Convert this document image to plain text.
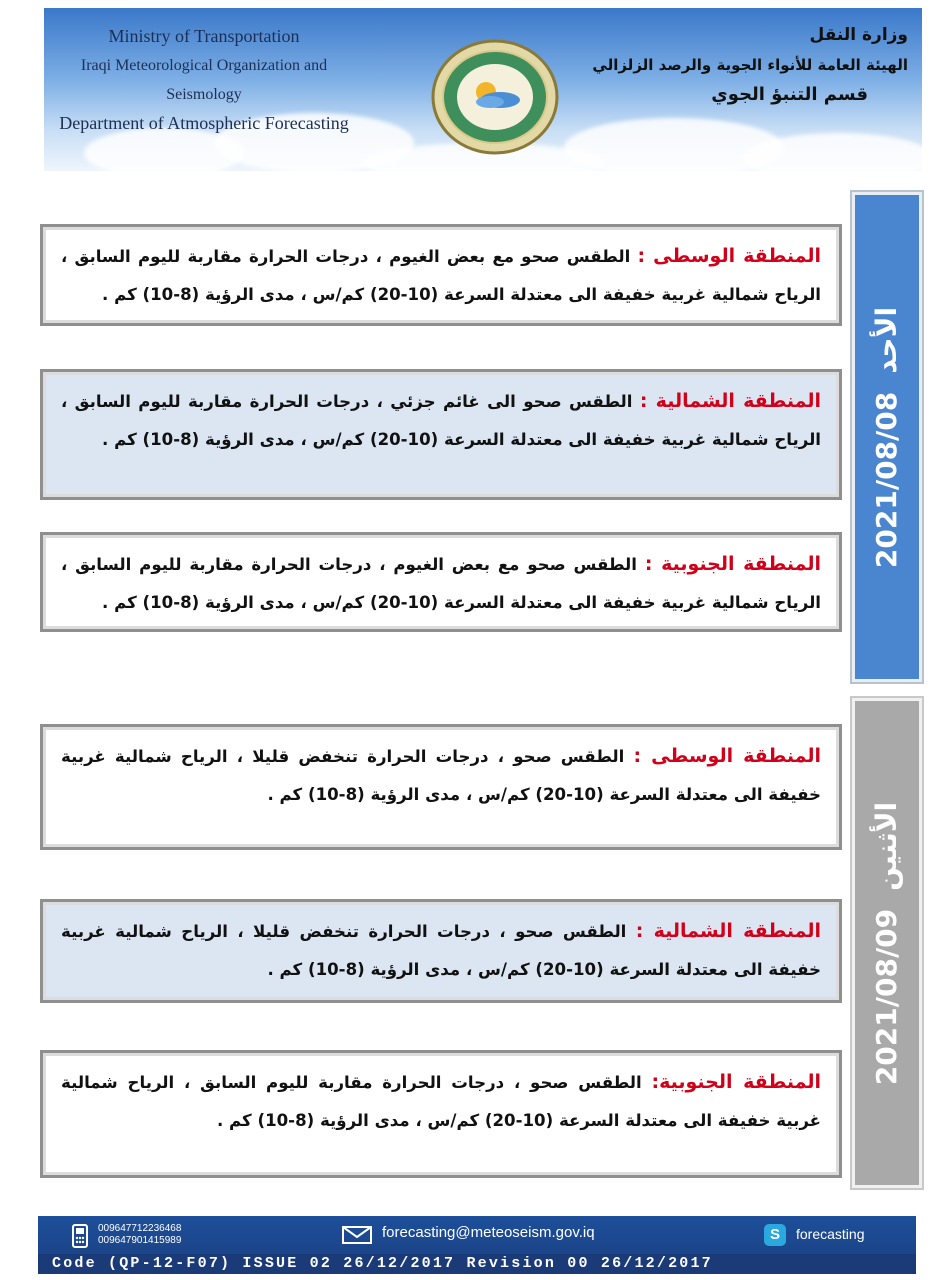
Ministry of Transportation
Iraqi Meteorological Organization and Seismology
Department of Atmospheric Forecasting
وزارة النقل
الهيئة العامة للأنواء الجوية والرصد الزلزالي
قسم التنبؤ الجوي
الأحد
2021/08/08
الأثنين
2021/08/09
المنطقة الوسطى : الطقس صحو مع بعض الغيوم ، درجات الحرارة مقاربة لليوم السابق ، الرياح شمالية غربية خفيفة الى معتدلة السرعة (10-20) كم/س ، مدى الرؤية (8-10) كم .
المنطقة الشمالية : الطقس صحو الى غائم جزئي ، درجات الحرارة مقاربة لليوم السابق ، الرياح شمالية غربية خفيفة الى معتدلة السرعة (10-20) كم/س ، مدى الرؤية (8-10) كم .
المنطقة الجنوبية : الطقس صحو مع بعض الغيوم ، درجات الحرارة مقاربة لليوم السابق ، الرياح شمالية غربية خفيفة الى معتدلة السرعة (10-20) كم/س ، مدى الرؤية (8-10) كم .
المنطقة الوسطى : الطقس صحو ، درجات الحرارة تنخفض قليلا ، الرياح شمالية غربية خفيفة الى معتدلة السرعة (10-20) كم/س ، مدى الرؤية (8-10) كم .
المنطقة الشمالية : الطقس صحو ، درجات الحرارة تنخفض قليلا ، الرياح شمالية غربية خفيفة الى معتدلة السرعة (10-20) كم/س ، مدى الرؤية (8-10) كم .
المنطقة الجنوبية: الطقس صحو ، درجات الحرارة مقاربة لليوم السابق ، الرياح شمالية غربية خفيفة الى معتدلة السرعة (10-20) كم/س ، مدى الرؤية (8-10) كم .
009647712236468
009647901415989	forecasting@meteoseism.gov.iq	S	forecasting
Code (QP-12-F07) ISSUE 02 26/12/2017 Revision 00 26/12/2017
